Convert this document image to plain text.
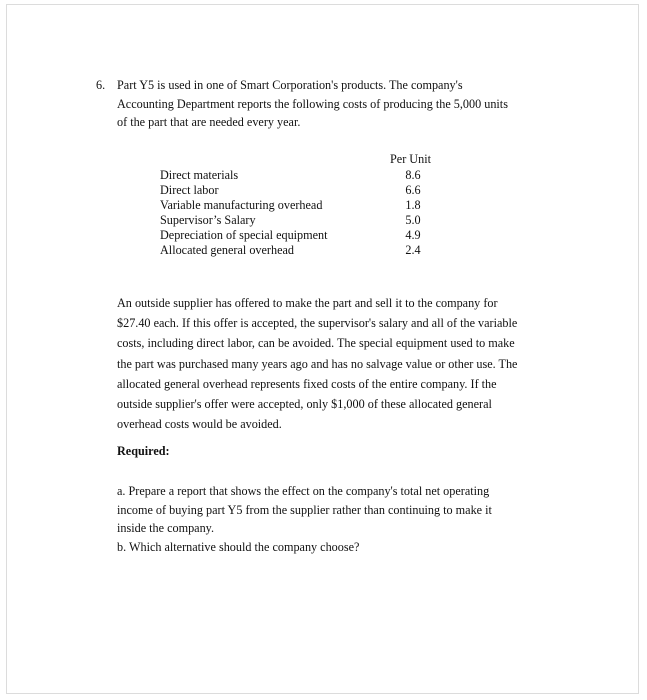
6. Part Y5 is used in one of Smart Corporation's products. The company's
Accounting Department reports the following costs of producing the 5,000 units
of the part that are needed every year.
Per Unit
Direct materials	8.6
Direct labor	6.6
Variable manufacturing overhead	1.8
Supervisor’s Salary	5.0
Depreciation of special equipment	4.9
Allocated general overhead	2.4
An outside supplier has offered to make the part and sell it to the company for
$27.40 each. If this offer is accepted, the supervisor's salary and all of the variable
costs, including direct labor, can be avoided. The special equipment used to make
the part was purchased many years ago and has no salvage value or other use. The
allocated general overhead represents fixed costs of the entire company. If the
outside supplier's offer were accepted, only $1,000 of these allocated general
overhead costs would be avoided.
Required:
a. Prepare a report that shows the effect on the company's total net operating
income of buying part Y5 from the supplier rather than continuing to make it
inside the company.
b. Which alternative should the company choose?
